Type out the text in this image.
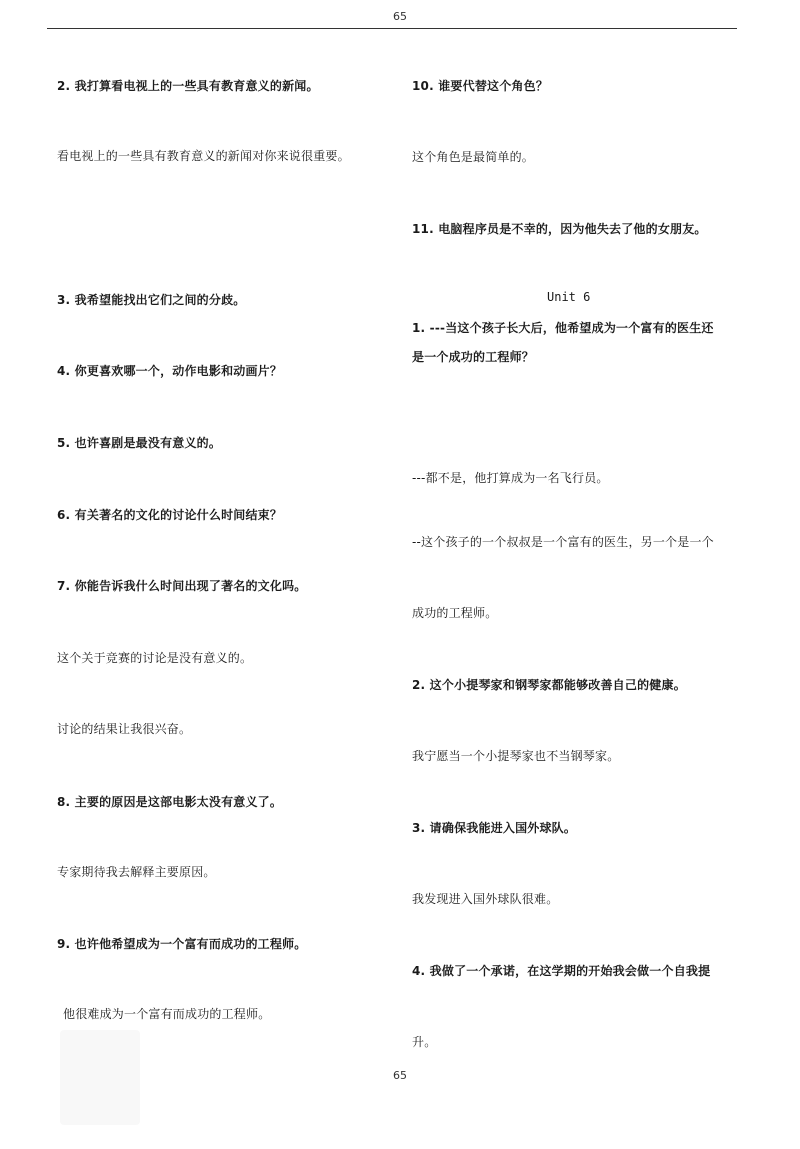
65
2. 我打算看电视上的一些具有教育意义的新闻。
看电视上的一些具有教育意义的新闻对你来说很重要。
3. 我希望能找出它们之间的分歧。
4. 你更喜欢哪一个，动作电影和动画片？
5. 也许喜剧是最没有意义的。
6. 有关著名的文化的讨论什么时间结束？
7. 你能告诉我什么时间出现了著名的文化吗。
这个关于竞赛的讨论是没有意义的。
讨论的结果让我很兴奋。
8. 主要的原因是这部电影太没有意义了。
专家期待我去解释主要原因。
9. 也许他希望成为一个富有而成功的工程师。
他很难成为一个富有而成功的工程师。
10. 谁要代替这个角色？
这个角色是最简单的。
11. 电脑程序员是不幸的，因为他失去了他的女朋友。
Unit 6
1. ---当这个孩子长大后，他希望成为一个富有的医生还
是一个成功的工程师？
---都不是，他打算成为一名飞行员。
--这个孩子的一个叔叔是一个富有的医生，另一个是一个
成功的工程师。
2. 这个小提琴家和钢琴家都能够改善自己的健康。
我宁愿当一个小提琴家也不当钢琴家。
3. 请确保我能进入国外球队。
我发现进入国外球队很难。
4. 我做了一个承诺，在这学期的开始我会做一个自我提
升。
65
